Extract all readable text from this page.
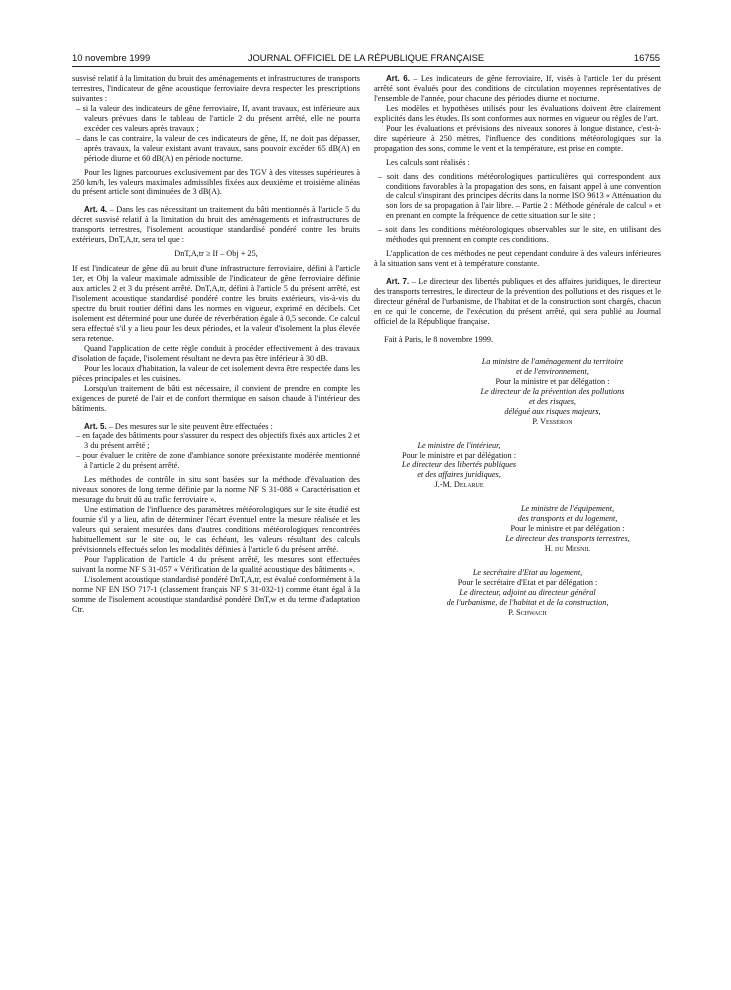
10 novembre 1999	JOURNAL OFFICIEL DE LA RÉPUBLIQUE FRANÇAISE	16755

susvisé relatif à la limitation du bruit des aménagements et infrastructures de transports terrestres, l'indicateur de gêne acoustique ferroviaire devra respecter les prescriptions suivantes :

– si la valeur des indicateurs de gêne ferroviaire, If, avant travaux, est inférieure aux valeurs prévues dans le tableau de l'article 2 du présent arrêté, elle ne pourra excéder ces valeurs après travaux ;

– dans le cas contraire, la valeur de ces indicateurs de gêne, If, ne doit pas dépasser, après travaux, la valeur existant avant travaux, sans pouvoir excéder 65 dB(A) en période diurne et 60 dB(A) en période nocturne.

Pour les lignes parcourues exclusivement par des TGV à des vitesses supérieures à 250 km/h, les valeurs maximales admissibles fixées aux deuxième et troisième alinéas du présent article sont diminuées de 3 dB(A).

Art. 4. – Dans les cas nécessitant un traitement du bâti mentionnés à l'article 5 du décret susvisé relatif à la limitation du bruit des aménagements et infrastructures de transports terrestres, l'isolement acoustique standardisé pondéré contre les bruits extérieurs, DnT,A,tr, sera tel que :

DnT,A,tr ≥ If – Obj + 25,

If est l'indicateur de gêne dû au bruit d'une infrastructure ferroviaire, défini à l'article 1er, et Obj la valeur maximale admissible de l'indicateur de gêne ferroviaire définie aux articles 2 et 3 du présent arrêté. DnT,A,tr, défini à l'article 5 du présent arrêté, est l'isolement acoustique standardisé pondéré contre les bruits extérieurs, vis-à-vis du spectre du bruit routier défini dans les normes en vigueur, exprimé en décibels. Cet isolement est déterminé pour une durée de réverbération égale à 0,5 seconde. Ce calcul sera effectué s'il y a lieu pour les deux périodes, et la valeur d'isolement la plus élevée sera retenue.

Quand l'application de cette règle conduit à procéder effectivement à des travaux d'isolation de façade, l'isolement résultant ne devra pas être inférieur à 30 dB.

Pour les locaux d'habitation, la valeur de cet isolement devra être respectée dans les pièces principales et les cuisines.

Lorsqu'un traitement de bâti est nécessaire, il convient de prendre en compte les exigences de pureté de l'air et de confort thermique en saison chaude à l'intérieur des bâtiments.

Art. 5. – Des mesures sur le site peuvent être effectuées :

– en façade des bâtiments pour s'assurer du respect des objectifs fixés aux articles 2 et 3 du présent arrêté ;

– pour évaluer le critère de zone d'ambiance sonore préexistante modérée mentionné à l'article 2 du présent arrêté.

Les méthodes de contrôle in situ sont basées sur la méthode d'évaluation des niveaux sonores de long terme définie par la norme NF S 31-088 « Caractérisation et mesurage du bruit dû au trafic ferroviaire ».

Une estimation de l'influence des paramètres météorologiques sur le site étudié est fournie s'il y a lieu, afin de déterminer l'écart éventuel entre la mesure réalisée et les valeurs qui seraient mesurées dans d'autres conditions météorologiques rencontrées habituellement sur le site ou, le cas échéant, les valeurs résultant des calculs prévisionnels effectués selon les modalités définies à l'article 6 du présent arrêté.

Pour l'application de l'article 4 du présent arrêté, les mesures sont effectuées suivant la norme NF S 31-057 « Vérification de la qualité acoustique des bâtiments ».

L'isolement acoustique standardisé pondéré DnT,A,tr, est évalué conformément à la norme NF EN ISO 717-1 (classement français NF S 31-032-1) comme étant égal à la somme de l'isolement acoustique standardisé pondéré DnT,w et du terme d'adaptation Ctr.

Art. 6. – Les indicateurs de gêne ferroviaire, If, visés à l'article 1er du présent arrêté sont évalués pour des conditions de circulation moyennes représentatives de l'ensemble de l'année, pour chacune des périodes diurne et nocturne.

Les modèles et hypothèses utilisés pour les évaluations doivent être clairement explicités dans les études. Ils sont conformes aux normes en vigueur ou règles de l'art.

Pour les évaluations et prévisions des niveaux sonores à longue distance, c'est-à-dire supérieure à 250 mètres, l'influence des conditions météorologiques sur la propagation des sons, comme le vent et la température, est prise en compte.

Les calculs sont réalisés :

– soit dans des conditions météorologiques particulières qui correspondent aux conditions favorables à la propagation des sons, en faisant appel à une convention de calcul s'inspirant des principes décrits dans la norme ISO 9613 « Atténuation du son lors de sa propagation à l'air libre. – Partie 2 : Méthode générale de calcul » et en prenant en compte la fréquence de cette situation sur le site ;

– soit dans les conditions météorologiques observables sur le site, en utilisant des méthodes qui prennent en compte ces conditions.

L'application de ces méthodes ne peut cependant conduire à des valeurs inférieures à la situation sans vent et à température constante.

Art. 7. – Le directeur des libertés publiques et des affaires juridiques, le directeur des transports terrestres, le directeur de la prévention des pollutions et des risques et le directeur général de l'urbanisme, de l'habitat et de la construction sont chargés, chacun en ce qui le concerne, de l'exécution du présent arrêté, qui sera publié au Journal officiel de la République française.

Fait à Paris, le 8 novembre 1999.

La ministre de l'aménagement du territoire
et de l'environnement,
Pour la ministre et par délégation :
Le directeur de la prévention des pollutions
et des risques,
délégué aux risques majeurs,
P. Vesseron
Le ministre de l'intérieur,
Pour le ministre et par délégation :
Le directeur des libertés publiques
et des affaires juridiques,
J.-M. Delarue
Le ministre de l'équipement,
des transports et du logement,
Pour le ministre et par délégation :
Le directeur des transports terrestres,
H. du Mesnil
Le secrétaire d'Etat au logement,
Pour le secrétaire d'Etat et par délégation :
Le directeur, adjoint au directeur général
de l'urbanisme, de l'habitat et de la construction,
P. Schwach
